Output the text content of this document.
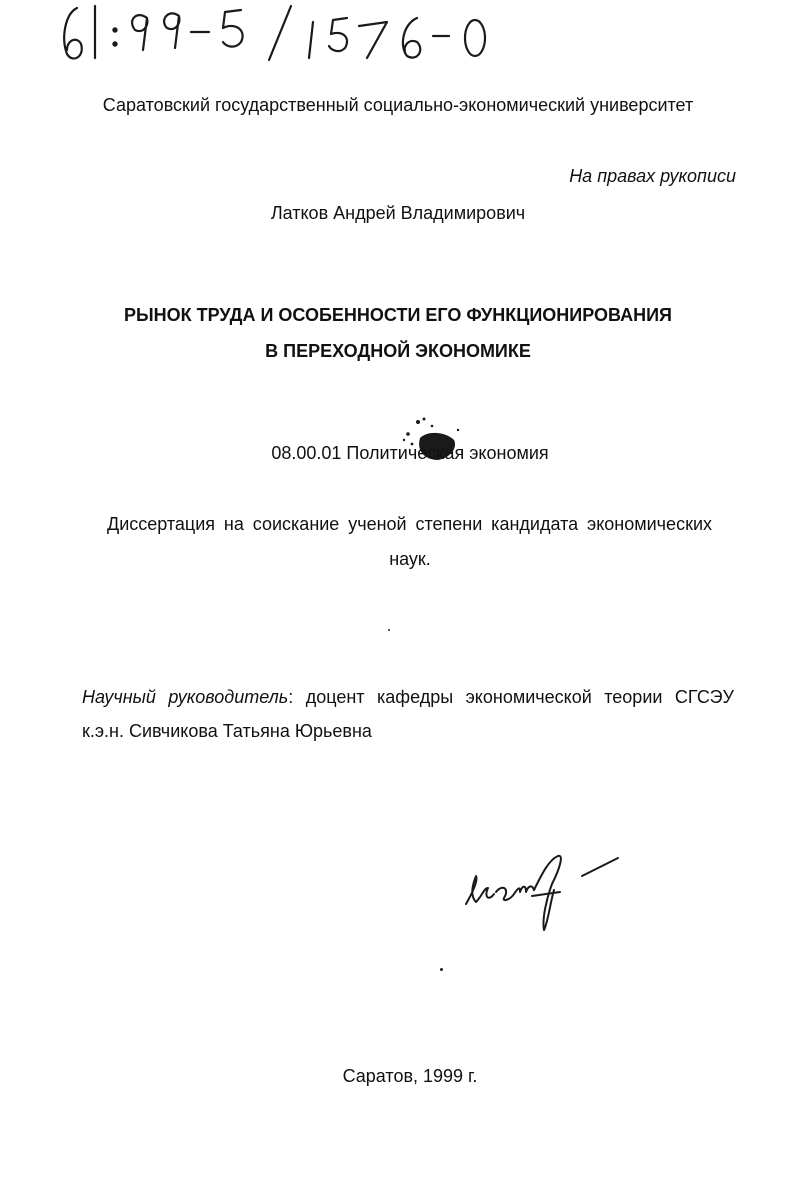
Саратовский государственный социально-экономический университет
На правах рукописи
Латков Андрей Владимирович
РЫНОК ТРУДА И ОСОБЕННОСТИ ЕГО ФУНКЦИОНИРОВАНИЯ
В ПЕРЕХОДНОЙ ЭКОНОМИКЕ
08.00.01 Политическая экономия
Диссертация на соискание ученой степени кандидата экономических
наук.
Научный руководитель: доцент кафедры экономической теории СГСЭУ
к.э.н. Сивчикова Татьяна Юрьевна
Саратов, 1999 г.
